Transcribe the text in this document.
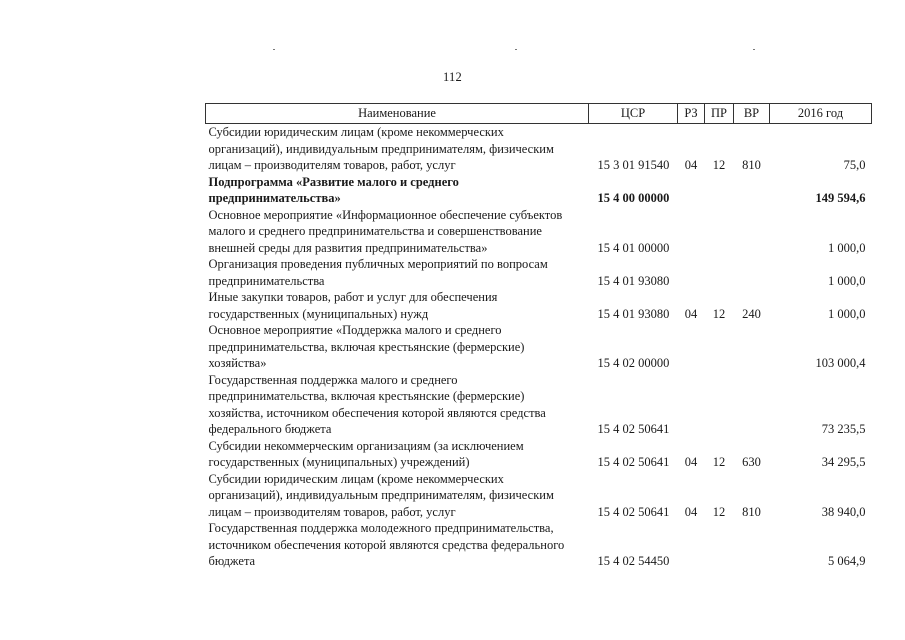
112
Наименование	ЦСР	РЗ	ПР	ВР	2016 год

Субсидии юридическим лицам (кроме некоммерческих
организаций), индивидуальным предпринимателям, физическим
лицам – производителям товаров, работ, услуг	15 3 01 91540	04	12	810	75,0

Подпрограмма «Развитие малого и среднего
предпринимательства»	15 4 00 00000				149 594,6

Основное мероприятие «Информационное обеспечение субъектов
малого и среднего предпринимательства и совершенствование
внешней среды для развития предпринимательства»	15 4 01 00000				1 000,0

Организация проведения публичных мероприятий по вопросам
предпринимательства	15 4 01 93080				1 000,0

Иные закупки товаров, работ и услуг для обеспечения
государственных (муниципальных) нужд	15 4 01 93080	04	12	240	1 000,0

Основное мероприятие «Поддержка малого и среднего
предпринимательства, включая крестьянские (фермерские)
хозяйства»	15 4 02 00000				103 000,4

Государственная поддержка малого и среднего
предпринимательства, включая крестьянские (фермерские)
хозяйства, источником обеспечения которой являются средства
федерального бюджета	15 4 02 50641				73 235,5

Субсидии некоммерческим организациям (за исключением
государственных (муниципальных) учреждений)	15 4 02 50641	04	12	630	34 295,5

Субсидии юридическим лицам (кроме некоммерческих
организаций), индивидуальным предпринимателям, физическим
лицам – производителям товаров, работ, услуг	15 4 02 50641	04	12	810	38 940,0

Государственная поддержка молодежного предпринимательства,
источником обеспечения которой являются средства федерального
бюджета	15 4 02 54450				5 064,9
